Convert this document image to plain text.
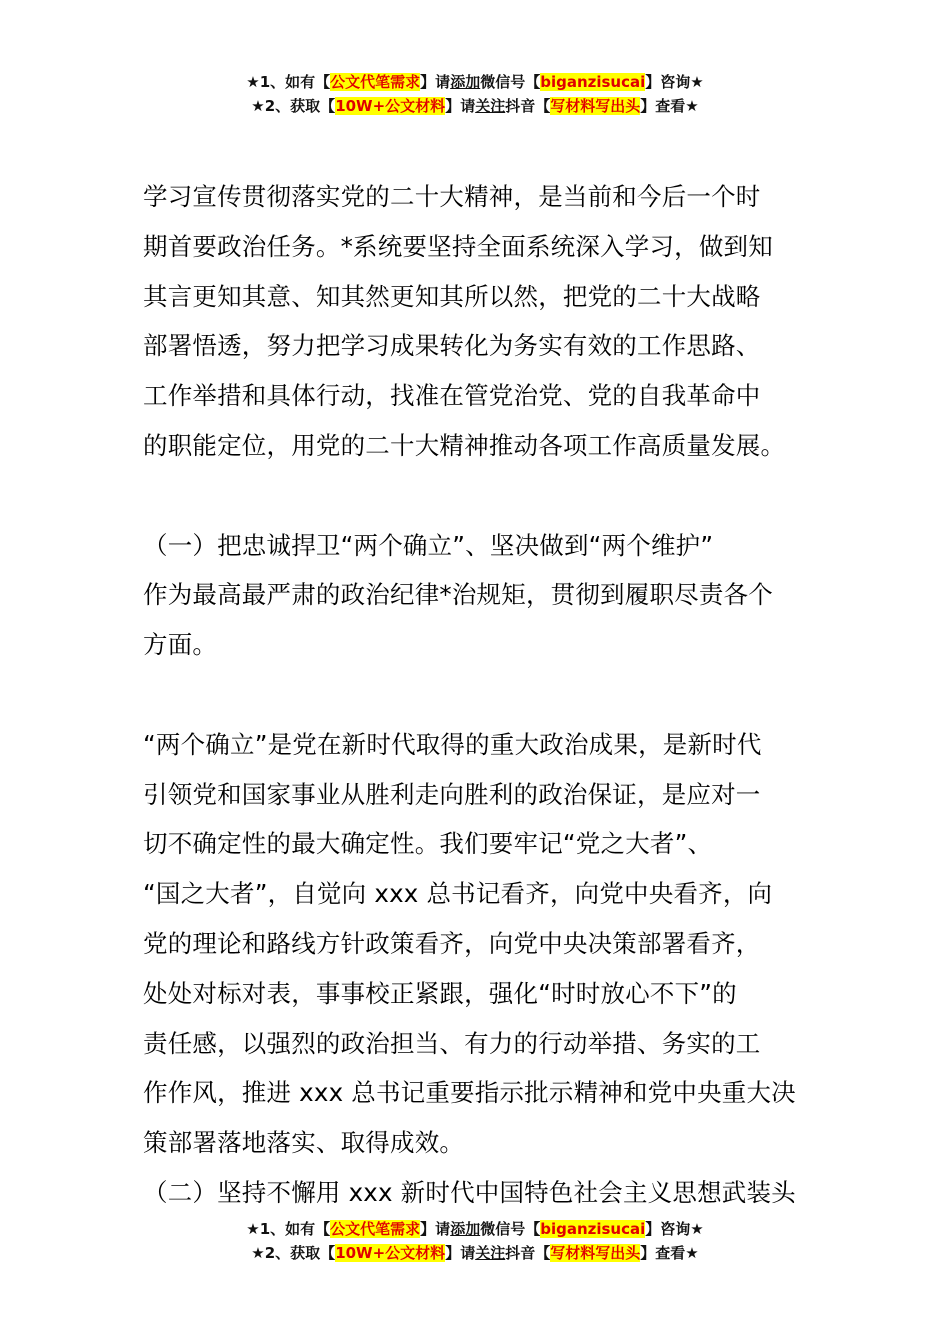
★1、如有【公文代笔需求】请添加微信号【biganzisucai】咨询★
★2、获取【10W+公文材料】请关注抖音【写材料写出头】查看★

学习宣传贯彻落实党的二十大精神，是当前和今后一个时
期首要政治任务。*系统要坚持全面系统深入学习，做到知
其言更知其意、知其然更知其所以然，把党的二十大战略
部署悟透，努力把学习成果转化为务实有效的工作思路、
工作举措和具体行动，找准在管党治党、党的自我革命中
的职能定位，用党的二十大精神推动各项工作高质量发展。

（一）把忠诚捍卫“两个确立”、坚决做到“两个维护”
作为最高最严肃的政治纪律*治规矩，贯彻到履职尽责各个
方面。

“两个确立”是党在新时代取得的重大政治成果，是新时代
引领党和国家事业从胜利走向胜利的政治保证，是应对一
切不确定性的最大确定性。我们要牢记“党之大者”、
“国之大者”，自觉向 xxx 总书记看齐，向党中央看齐，向
党的理论和路线方针政策看齐，向党中央决策部署看齐，
处处对标对表，事事校正紧跟，强化“时时放心不下”的
责任感，以强烈的政治担当、有力的行动举措、务实的工
作作风，推进 xxx 总书记重要指示批示精神和党中央重大决
策部署落地落实、取得成效。

（二）坚持不懈用 xxx 新时代中国特色社会主义思想武装头

★1、如有【公文代笔需求】请添加微信号【biganzisucai】咨询★
★2、获取【10W+公文材料】请关注抖音【写材料写出头】查看★
